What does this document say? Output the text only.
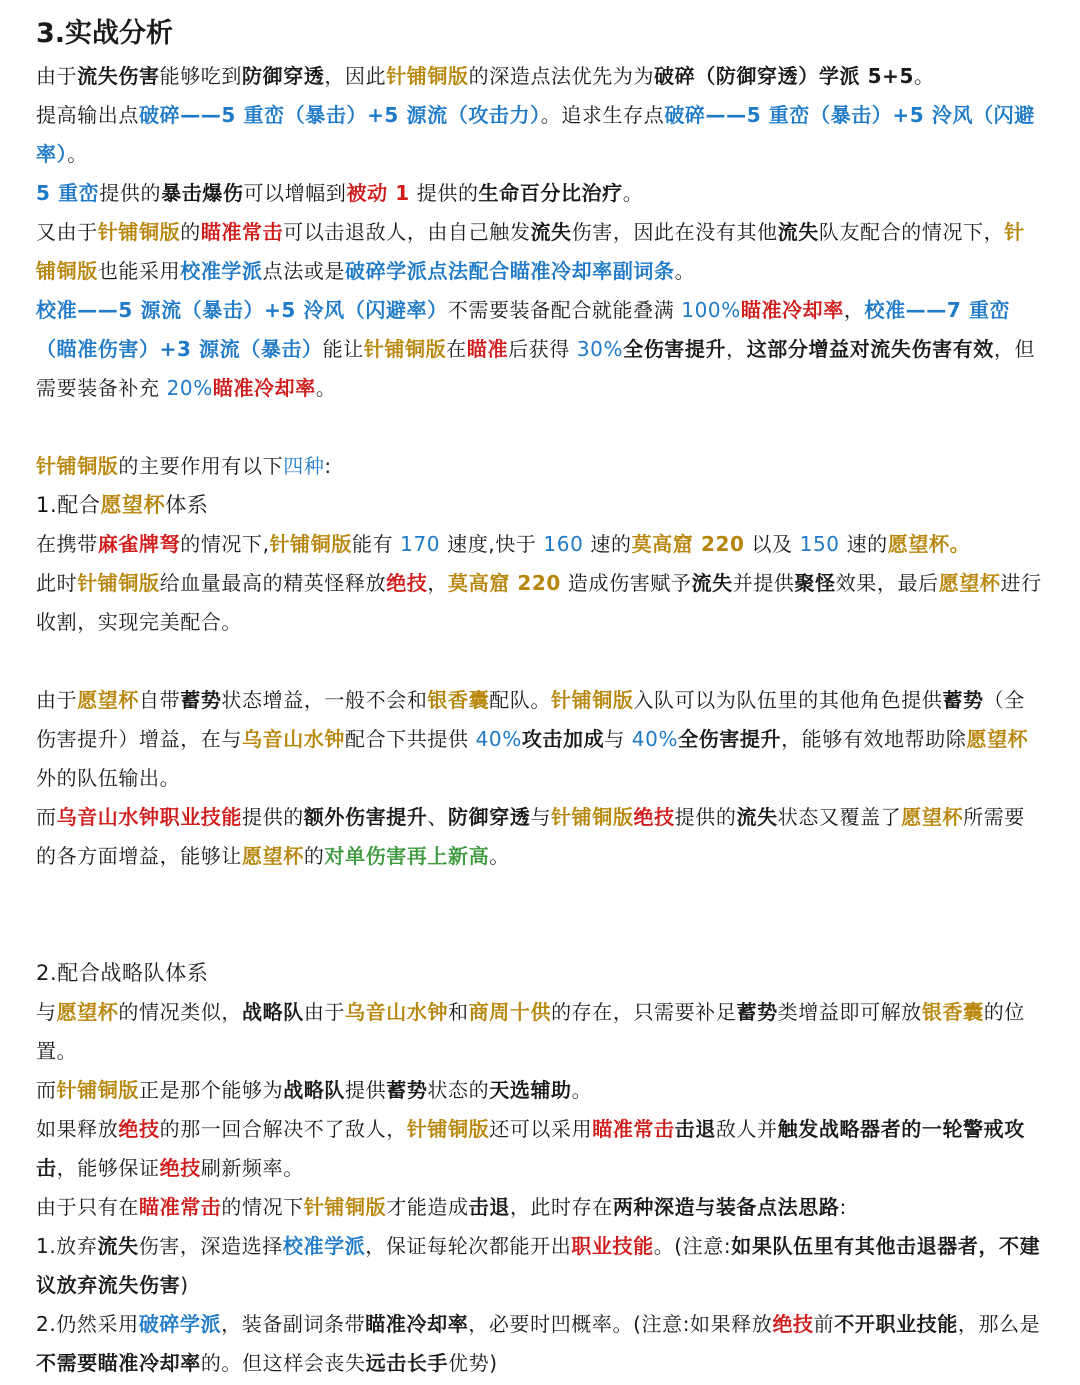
3.实战分析

由于流失伤害能够吃到防御穿透，因此针铺铜版的深造点法优先为为破碎（防御穿透）学派 5+5。

提高输出点破碎——5 重峦（暴击）+5 源流（攻击力）。追求生存点破碎——5 重峦（暴击）+5 泠风（闪避率）。

5 重峦提供的暴击爆伤可以增幅到被动 1 提供的生命百分比治疗。

又由于针铺铜版的瞄准常击可以击退敌人，由自己触发流失伤害，因此在没有其他流失队友配合的情况下，针铺铜版也能采用校准学派点法或是破碎学派点法配合瞄准冷却率副词条。

校准——5 源流（暴击）+5 泠风（闪避率）不需要装备配合就能叠满 100%瞄准冷却率，校准——7 重峦（瞄准伤害）+3 源流（暴击）能让针铺铜版在瞄准后获得 30%全伤害提升，这部分增益对流失伤害有效，但需要装备补充 20%瞄准冷却率。

针铺铜版的主要作用有以下四种:

1.配合愿望杯体系

在携带麻雀牌弩的情况下,针铺铜版能有 170 速度,快于 160 速的莫高窟 220 以及 150 速的愿望杯。

此时针铺铜版给血量最高的精英怪释放绝技，莫高窟 220 造成伤害赋予流失并提供聚怪效果，最后愿望杯进行收割，实现完美配合。

由于愿望杯自带蓄势状态增益，一般不会和银香囊配队。针铺铜版入队可以为队伍里的其他角色提供蓄势（全伤害提升）增益，在与乌音山水钟配合下共提供 40%攻击加成与 40%全伤害提升，能够有效地帮助除愿望杯外的队伍输出。

而乌音山水钟职业技能提供的额外伤害提升、防御穿透与针铺铜版绝技提供的流失状态又覆盖了愿望杯所需要的各方面增益，能够让愿望杯的对单伤害再上新高。

2.配合战略队体系

与愿望杯的情况类似，战略队由于乌音山水钟和商周十供的存在，只需要补足蓄势类增益即可解放银香囊的位置。

而针铺铜版正是那个能够为战略队提供蓄势状态的天选辅助。

如果释放绝技的那一回合解决不了敌人，针铺铜版还可以采用瞄准常击击退敌人并触发战略器者的一轮警戒攻击，能够保证绝技刷新频率。

由于只有在瞄准常击的情况下针铺铜版才能造成击退，此时存在两种深造与装备点法思路:

1.放弃流失伤害，深造选择校准学派，保证每轮次都能开出职业技能。(注意:如果队伍里有其他击退器者，不建议放弃流失伤害)

2.仍然采用破碎学派，装备副词条带瞄准冷却率，必要时凹概率。(注意:如果释放绝技前不开职业技能，那么是不需要瞄准冷却率的。但这样会丧失远击长手优势)
